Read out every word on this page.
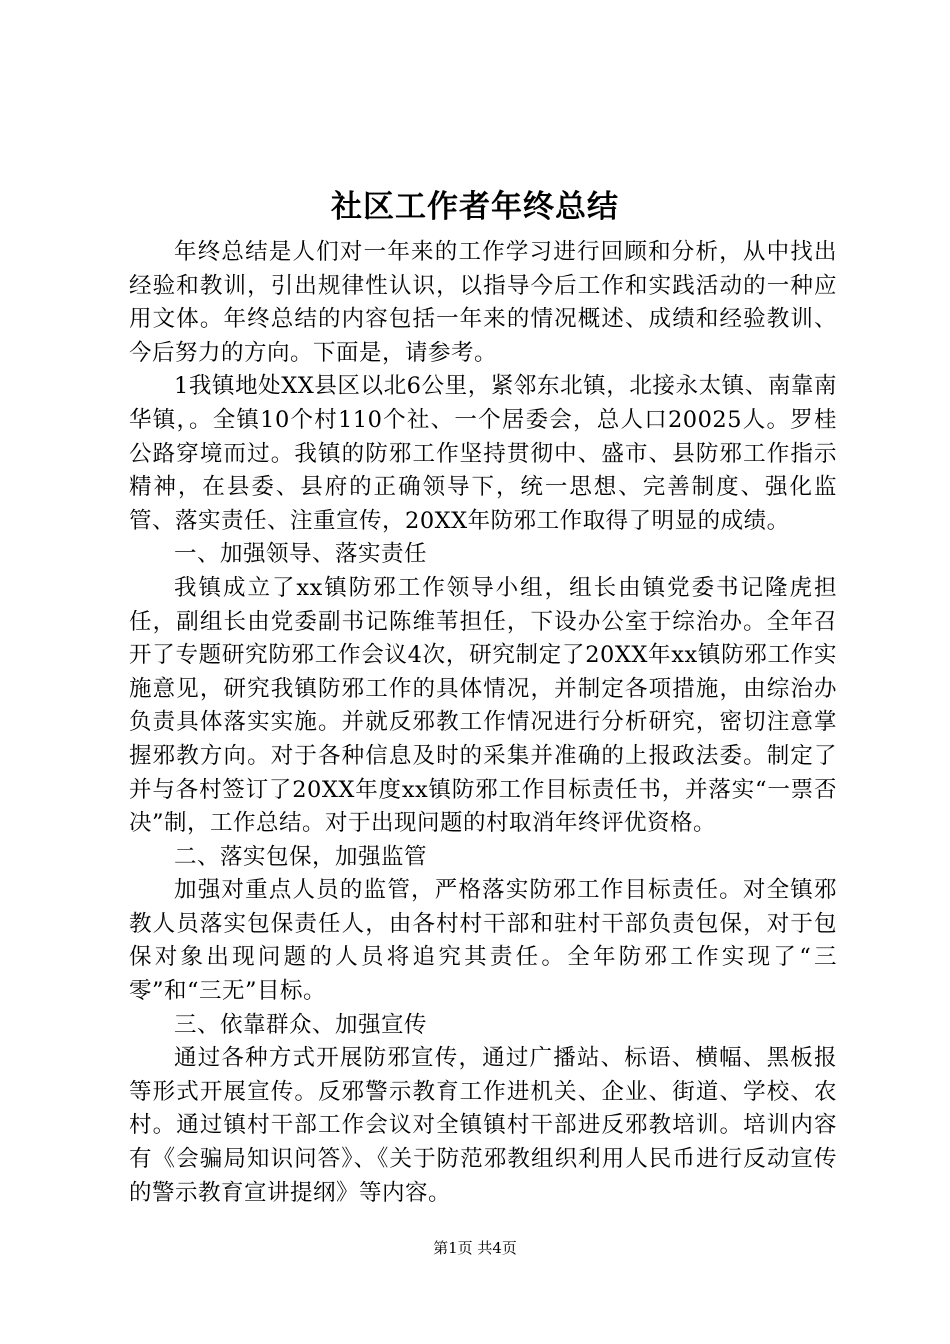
社区工作者年终总结

年终总结是人们对一年来的工作学习进行回顾和分析，从中找出经验和教训，引出规律性认识，以指导今后工作和实践活动的一种应用文体。年终总结的内容包括一年来的情况概述、成绩和经验教训、今后努力的方向。下面是，请参考。

1我镇地处XX县区以北6公里，紧邻东北镇，北接永太镇、南靠南华镇，。全镇10个村110个社、一个居委会，总人口20025人。罗桂公路穿境而过。我镇的防邪工作坚持贯彻中、盛市、县防邪工作指示精神，在县委、县府的正确领导下，统一思想、完善制度、强化监管、落实责任、注重宣传，20XX年防邪工作取得了明显的成绩。

一、加强领导、落实责任

我镇成立了xx镇防邪工作领导小组，组长由镇党委书记隆虎担任，副组长由党委副书记陈维苇担任，下设办公室于综治办。全年召开了专题研究防邪工作会议4次，研究制定了20XX年xx镇防邪工作实施意见，研究我镇防邪工作的具体情况，并制定各项措施，由综治办负责具体落实实施。并就反邪教工作情况进行分析研究，密切注意掌握邪教方向。对于各种信息及时的采集并准确的上报政法委。制定了并与各村签订了20XX年度xx镇防邪工作目标责任书，并落实“一票否决”制，工作总结。对于出现问题的村取消年终评优资格。

二、落实包保，加强监管

加强对重点人员的监管，严格落实防邪工作目标责任。对全镇邪教人员落实包保责任人，由各村村干部和驻村干部负责包保，对于包保对象出现问题的人员将追究其责任。全年防邪工作实现了“三零”和“三无”目标。

三、依靠群众、加强宣传

通过各种方式开展防邪宣传，通过广播站、标语、横幅、黑板报等形式开展宣传。反邪警示教育工作进机关、企业、街道、学校、农村。通过镇村干部工作会议对全镇镇村干部进反邪教培训。培训内容有《会骗局知识问答》、《关于防范邪教组织利用人民币进行反动宣传的警示教育宣讲提纲》等内容。

第1页 共4页
